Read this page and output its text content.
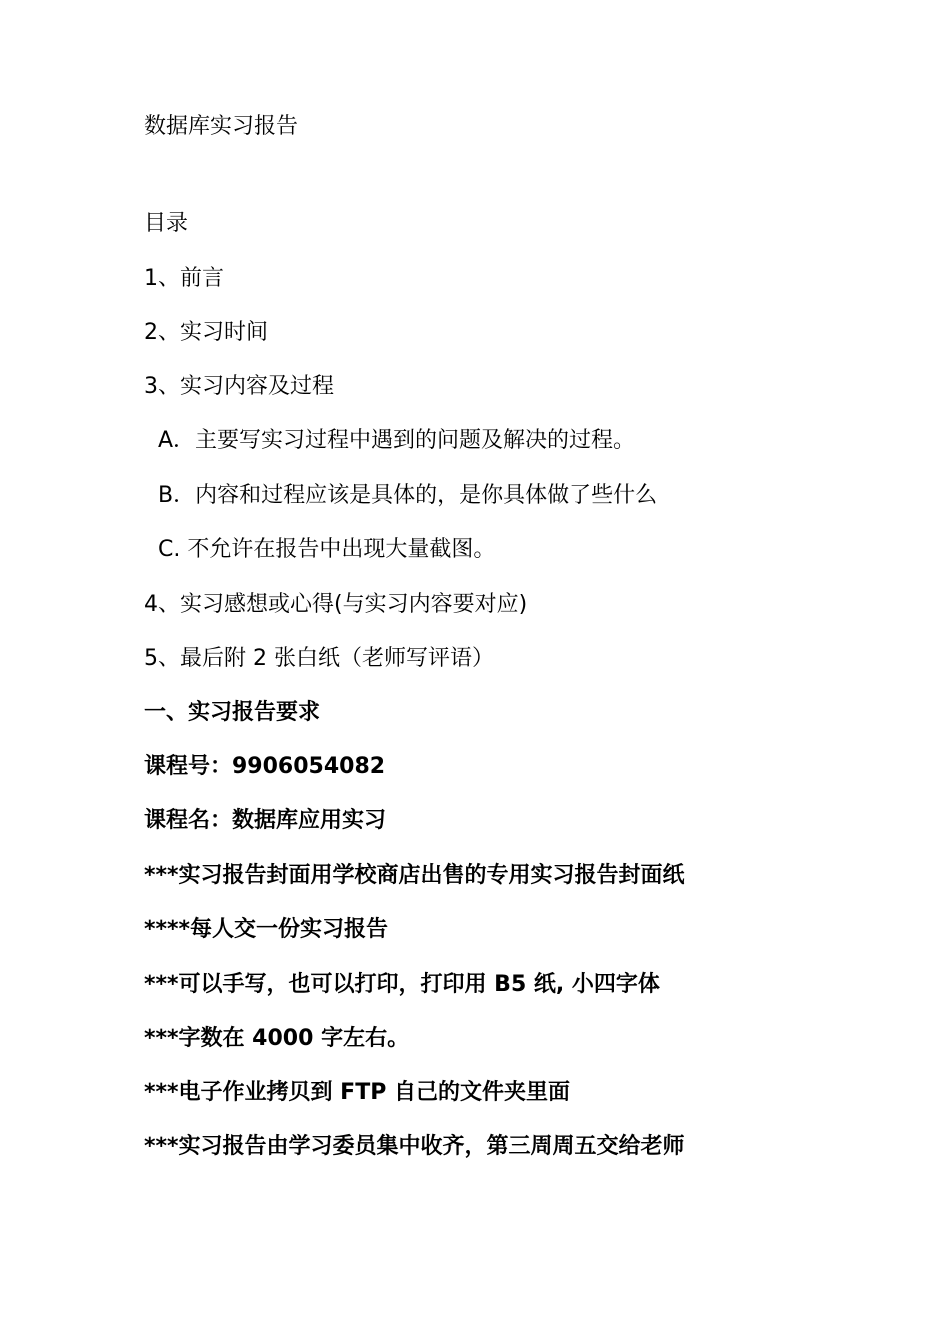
数据库实习报告
目录
1、前言
2、实习时间
3、实习内容及过程
A．主要写实习过程中遇到的问题及解决的过程。
B．内容和过程应该是具体的，是你具体做了些什么
C. 不允许在报告中出现大量截图。
4、实习感想或心得(与实习内容要对应)
5、最后附 2 张白纸（老师写评语）
一、实习报告要求
课程号：9906054082
课程名：数据库应用实习
***实习报告封面用学校商店出售的专用实习报告封面纸
****每人交一份实习报告
***可以手写，也可以打印，打印用 B5 纸, 小四字体
***字数在 4000 字左右。
***电子作业拷贝到 FTP 自己的文件夹里面
***实习报告由学习委员集中收齐，第三周周五交给老师
